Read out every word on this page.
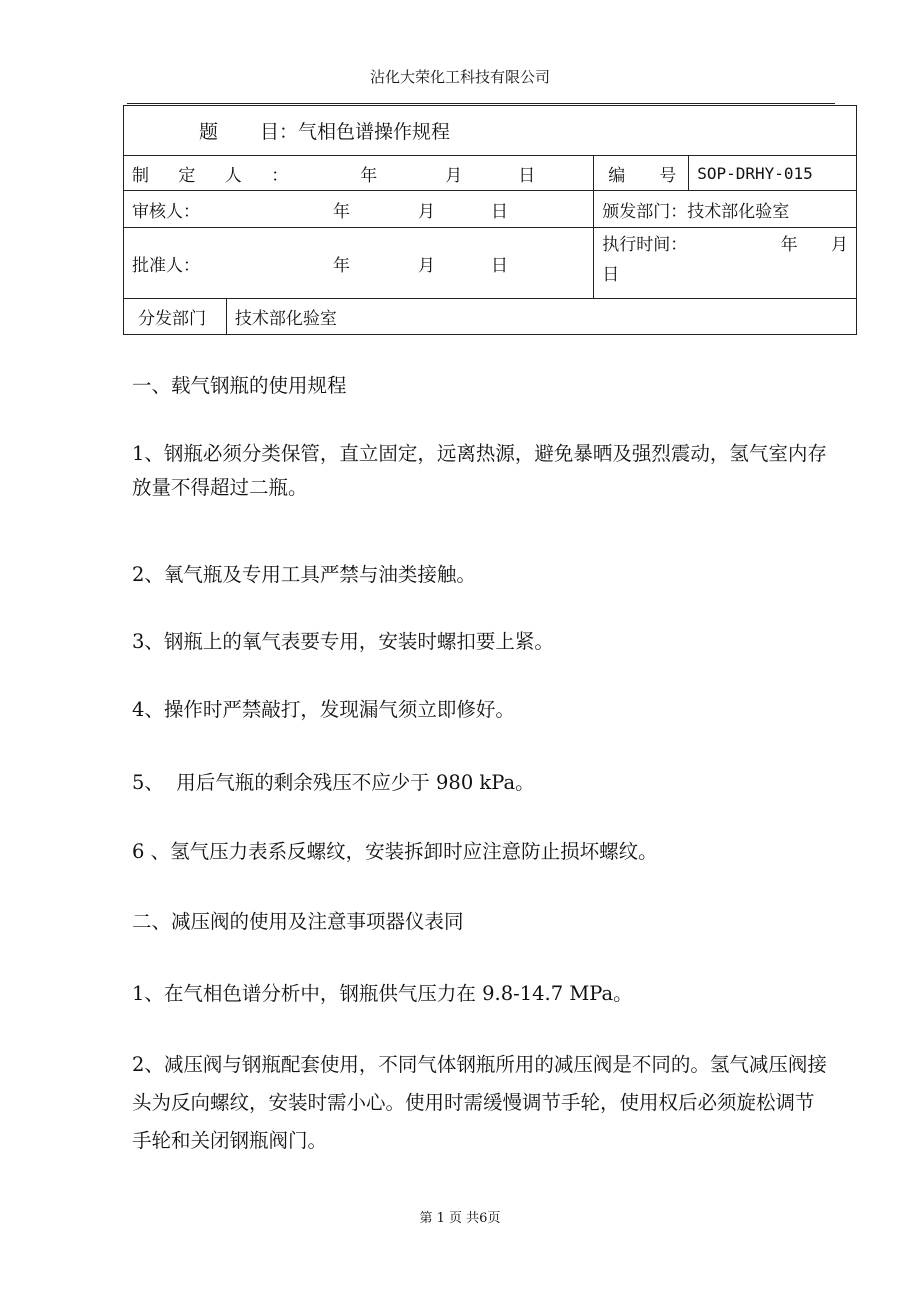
沾化大荣化工科技有限公司
题 目：气相色谱操作规程			
制 定 人 ： 年 月 日		编　　号	SOP-DRHY-015
审核人： 年 月 日		颁发部门：技术部化验室	
批准人： 年 月 日		执行时间： 年 月
日	

分发部门	技术部化验室		
一、载气钢瓶的使用规程
1、钢瓶必须分类保管，直立固定，远离热源，避免暴晒及强烈震动，氢气室内存放量不得超过二瓶。
2、氧气瓶及专用工具严禁与油类接触。
3、钢瓶上的氧气表要专用，安装时螺扣要上紧。
4、操作时严禁敲打，发现漏气须立即修好。
5、  用后气瓶的剩余残压不应少于 980 kPa。
6 、氢气压力表系反螺纹，安装拆卸时应注意防止损坏螺纹。
二、减压阀的使用及注意事项器仪表同
1、在气相色谱分析中，钢瓶供气压力在 9.8-14.7 MPa。
2、减压阀与钢瓶配套使用，不同气体钢瓶所用的减压阀是不同的。氢气减压阀接头为反向螺纹，安装时需小心。使用时需缓慢调节手轮，使用权后必须旋松调节手轮和关闭钢瓶阀门。
第 1 页 共6页
